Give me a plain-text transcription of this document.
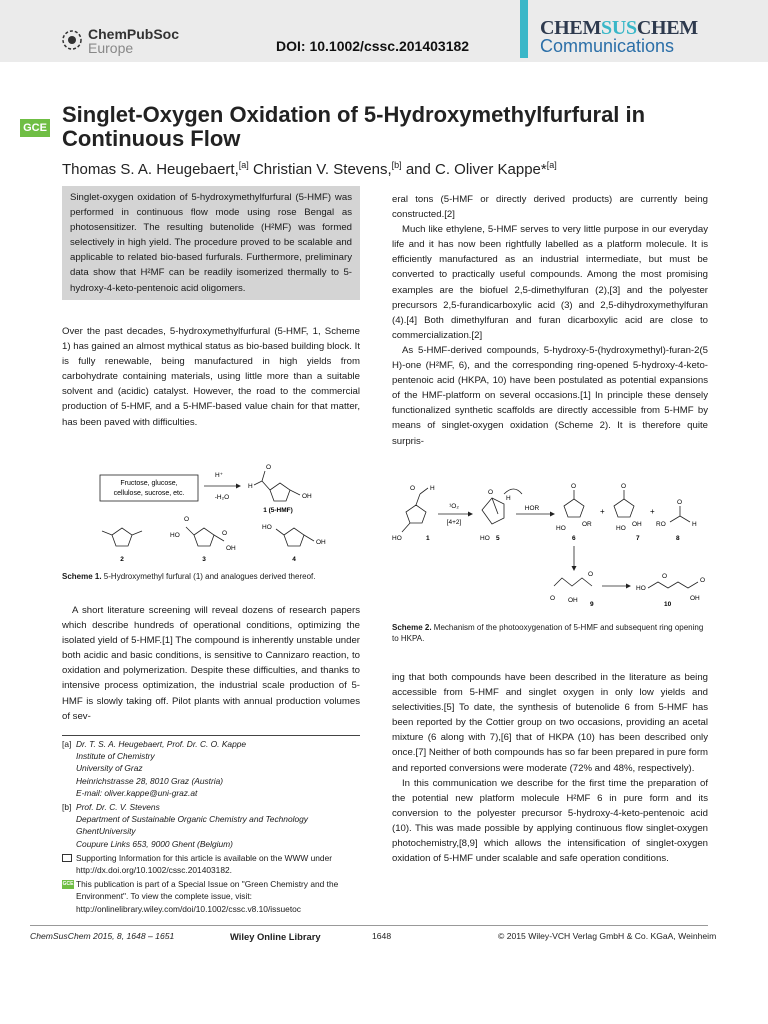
ChemPubSoc
Europe	DOI: 10.1002/cssc.201403182
CHEMSUSCHEM
Communications
GCE
Singlet-Oxygen Oxidation of 5-Hydroxymethylfurfural in Continuous Flow
Thomas S. A. Heugebaert,[a] Christian V. Stevens,[b] and C. Oliver Kappe*[a]
Singlet-oxygen oxidation of 5-hydroxymethylfurfural (5-HMF) was performed in continuous flow mode using rose Bengal as photosensitizer. The resulting butenolide (H²MF) was formed selectively in high yield. The procedure proved to be scalable and applicable to related bio-based furfurals. Furthermore, preliminary data show that H²MF can be readily isomerized thermally to 5-hydroxy-4-keto-pentenoic acid oligomers.

Over the past decades, 5-hydroxymethylfurfural (5-HMF, 1, Scheme 1) has gained an almost mythical status as bio-based building block. It is fully renewable, being manufactured in high yields from carbohydrate containing materials, using little more than a suitable solvent and (acidic) catalyst. However, the road to the commercial production of 5-HMF, and a 5-HMF-based value chain for that matter, has been paved with difficulties.

Fructose, glucose,
cellulose, sucrose, etc.
H⁺
-H₂O
O
H
OH
1 (5-HMF)
2
O
HO	O
OH
3
HO
OH
4
Scheme 1. 5-Hydroxymethyl furfural (1) and analogues derived thereof.

A short literature screening will reveal dozens of research papers which describe hundreds of operational conditions, optimizing the isolated yield of 5-HMF.[1] The compound is inherently unstable under both acidic and basic conditions, is sensitive to Cannizaro reaction, to oxidation and polymerization. Despite these difficulties, and thanks to intensive process optimization, the industrial scale production of 5-HMF is slowly taking off. Pilot plants with annual production volumes of sev-

[a] Dr. T. S. A. Heugebaert, Prof. Dr. C. O. Kappe
Institute of Chemistry
University of Graz
Heinrichstrasse 28, 8010 Graz (Austria)
E-mail: oliver.kappe@uni-graz.at
[b] Prof. Dr. C. V. Stevens
Department of Sustainable Organic Chemistry and Technology
GhentUniversity
Coupure Links 653, 9000 Ghent (Belgium)
Supporting Information for this article is available on the WWW under http://dx.doi.org/10.1002/cssc.201403182.
GCE This publication is part of a Special Issue on "Green Chemistry and the Environment". To view the complete issue, visit: http://onlinelibrary.wiley.com/doi/10.1002/cssc.v8.10/issuetoc

eral tons (5-HMF or directly derived products) are currently being constructed.[2]

Much like ethylene, 5-HMF serves to very little purpose in our everyday life and it has now been rightfully labelled as a platform molecule. It is efficiently manufactured as an industrial intermediate, but must be converted to practically useful compounds. Among the most promising examples are the biofuel 2,5-dimethylfuran (2),[3] and the polyester precursors 2,5-furandicarboxylic acid (3) and 2,5-dihydroxymethylfuran (4).[4] Both dimethylfuran and furan dicarboxylic acid are close to commercialization.[2]

As 5-HMF-derived compounds, 5-hydroxy-5-(hydroxymethyl)-furan-2(5 H)-one (H²MF, 6), and the corresponding ring-opened 5-hydroxy-4-keto-pentenoic acid (HKPA, 10) have been postulated as potential expansions of the HMF-platform on several occasions.[1] In principle these densely functionalized synthetic scaffolds are directly accessible from 5-HMF by means of singlet-oxygen oxidation (Scheme 2). It is therefore quite surpris-

H
O
HO	1
¹O₂
[4+2]
O
H
HO 5
HOR
O
OR
HO
6
+
O
OH
HO
7
+
RO
O
H
8
O OH
O
9
HO
O
O
OH
10
Scheme 2. Mechanism of the photooxygenation of 5-HMF and subsequent ring opening to HKPA.

ing that both compounds have been described in the literature as being accessible from 5-HMF and singlet oxygen in only low yields and selectivities.[5] To date, the synthesis of butenolide 6 from 5-HMF has been reported by the Cottier group on two occasions, providing an acetal mixture (6 along with 7),[6] that of HKPA (10) has been described only once.[7] Neither of both compounds has so far been prepared in pure form and reported conversions were moderate (72% and 48%, respectively).

In this communication we describe for the first time the preparation of the potential new platform molecule H²MF 6 in pure form and its conversion to the polyester precursor 5-hydroxy-4-keto-pentenoic acid (10). This was made possible by applying continuous flow singlet-oxygen photochemistry,[8,9] which allows the intensification of singlet-oxygen oxidation of 5-HMF under scalable and safe operation conditions.

ChemSusChem 2015, 8, 1648 – 1651	Wiley Online Library	1648	© 2015 Wiley-VCH Verlag GmbH & Co. KGaA, Weinheim
